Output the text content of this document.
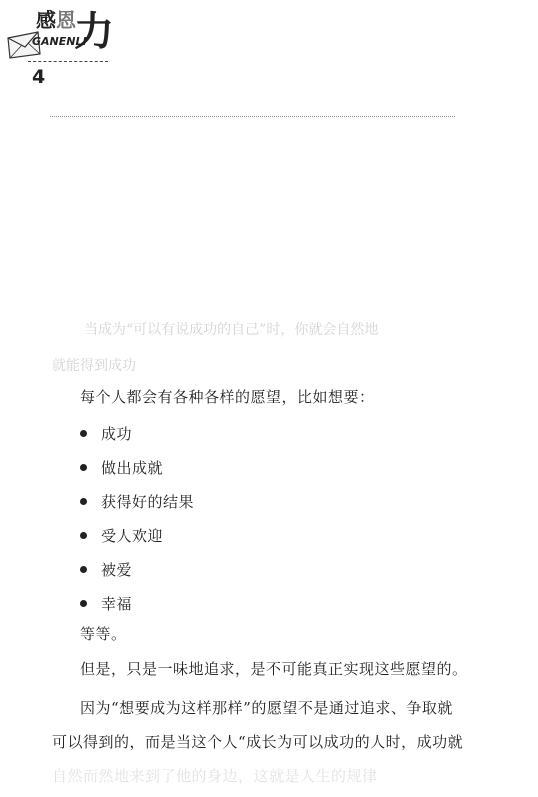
感 恩
力
GANENLI
4
当成为“可以有说成功的自己”时，你就会自然地
就能得到成功
每个人都会有各种各样的愿望，比如想要：
成功
做出成就
获得好的结果
受人欢迎
被爱
幸福
等等。
但是，只是一味地追求，是不可能真正实现这些愿望的。
因为“想要成为这样那样”的愿望不是通过追求、争取就
可以得到的，而是当这个人“成长为可以成功的人时，成功就
自然而然地来到了他的身边，这就是人生的规律
